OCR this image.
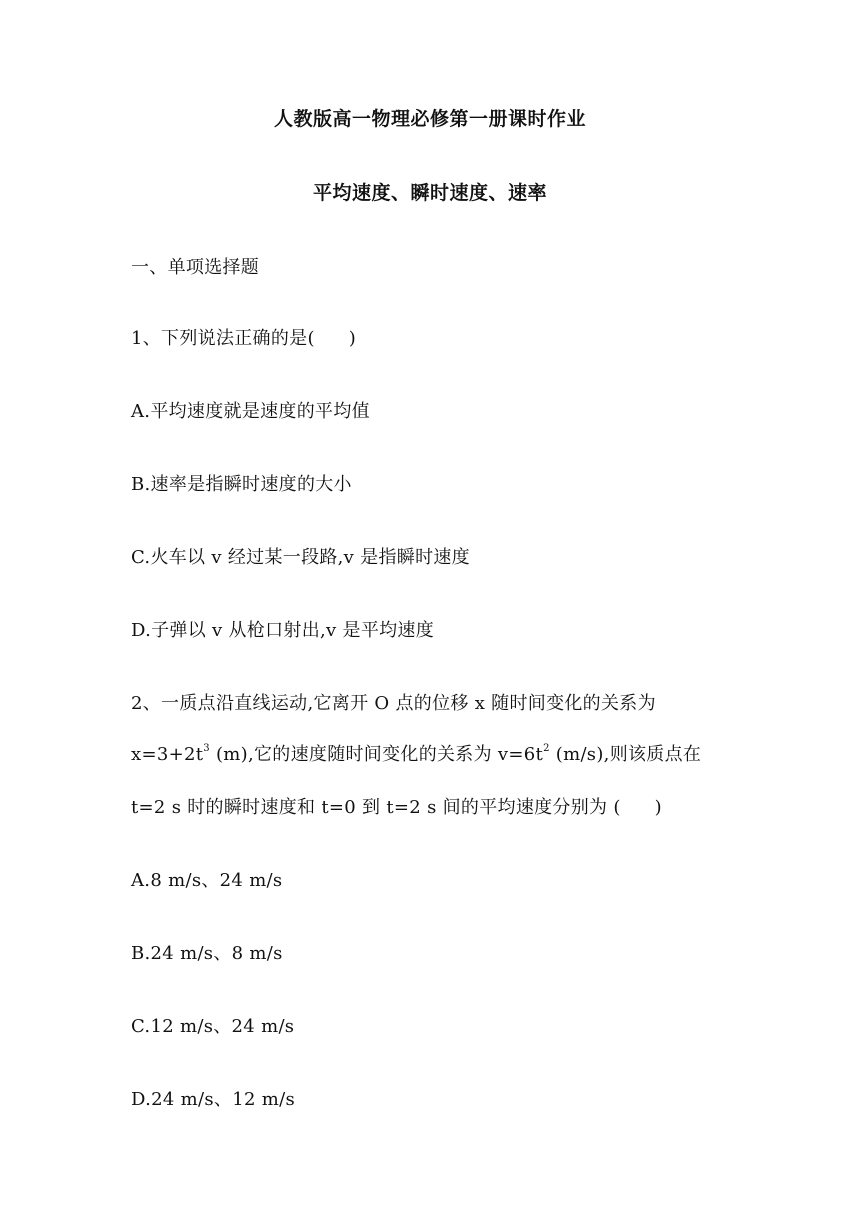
人教版高一物理必修第一册课时作业
平均速度、瞬时速度、速率
一、单项选择题
1、下列说法正确的是( )
A.平均速度就是速度的平均值
B.速率是指瞬时速度的大小
C.火车以 v 经过某一段路,v 是指瞬时速度
D.子弹以 v 从枪口射出,v 是平均速度
2、一质点沿直线运动,它离开 O 点的位移 x 随时间变化的关系为
$x=3+2t^3$ (m),它的速度随时间变化的关系为 $v=6t^2$ (m/s),则该质点在
t=2 s 时的瞬时速度和 t=0 到 t=2 s 间的平均速度分别为 ( )
A.8 m/s、24 m/s
B.24 m/s、8 m/s
C.12 m/s、24 m/s
D.24 m/s、12 m/s
